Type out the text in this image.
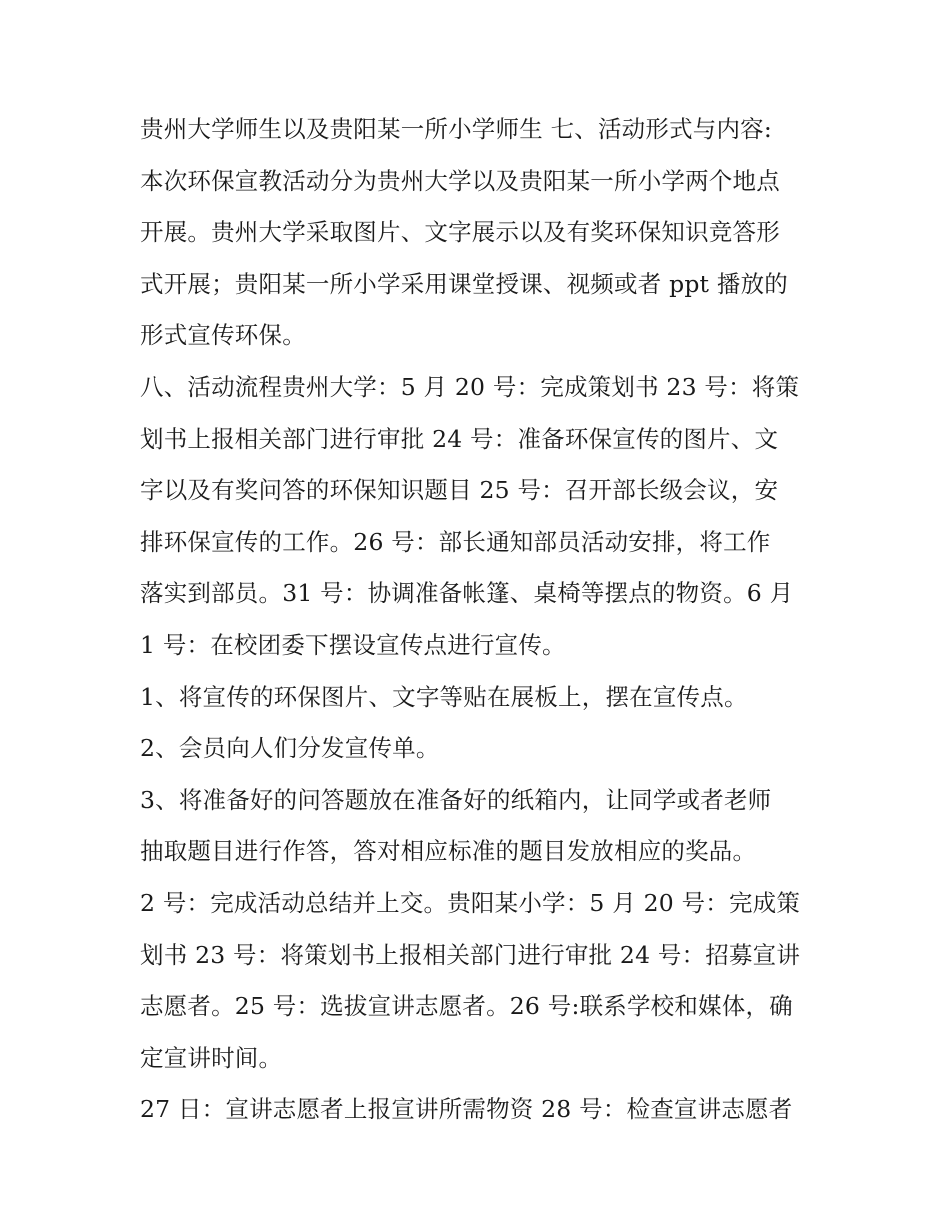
贵州大学师生以及贵阳某一所小学师生 七、活动形式与内容:
本次环保宣教活动分为贵州大学以及贵阳某一所小学两个地点
开展。贵州大学采取图片、文字展示以及有奖环保知识竞答形
式开展；贵阳某一所小学采用课堂授课、视频或者 ppt 播放的
形式宣传环保。
八、活动流程贵州大学：5 月 20 号：完成策划书 23 号：将策
划书上报相关部门进行审批 24 号：准备环保宣传的图片、文
字以及有奖问答的环保知识题目 25 号：召开部长级会议，安
排环保宣传的工作。26 号：部长通知部员活动安排，将工作
落实到部员。31 号：协调准备帐篷、桌椅等摆点的物资。6 月
1 号：在校团委下摆设宣传点进行宣传。
1、将宣传的环保图片、文字等贴在展板上，摆在宣传点。
2、会员向人们分发宣传单。
3、将准备好的问答题放在准备好的纸箱内，让同学或者老师
抽取题目进行作答，答对相应标准的题目发放相应的奖品。
2 号：完成活动总结并上交。贵阳某小学：5 月 20 号：完成策
划书 23 号：将策划书上报相关部门进行审批 24 号：招募宣讲
志愿者。25 号：选拔宣讲志愿者。26 号:联系学校和媒体，确
定宣讲时间。
27 日：宣讲志愿者上报宣讲所需物资 28 号：检查宣讲志愿者
